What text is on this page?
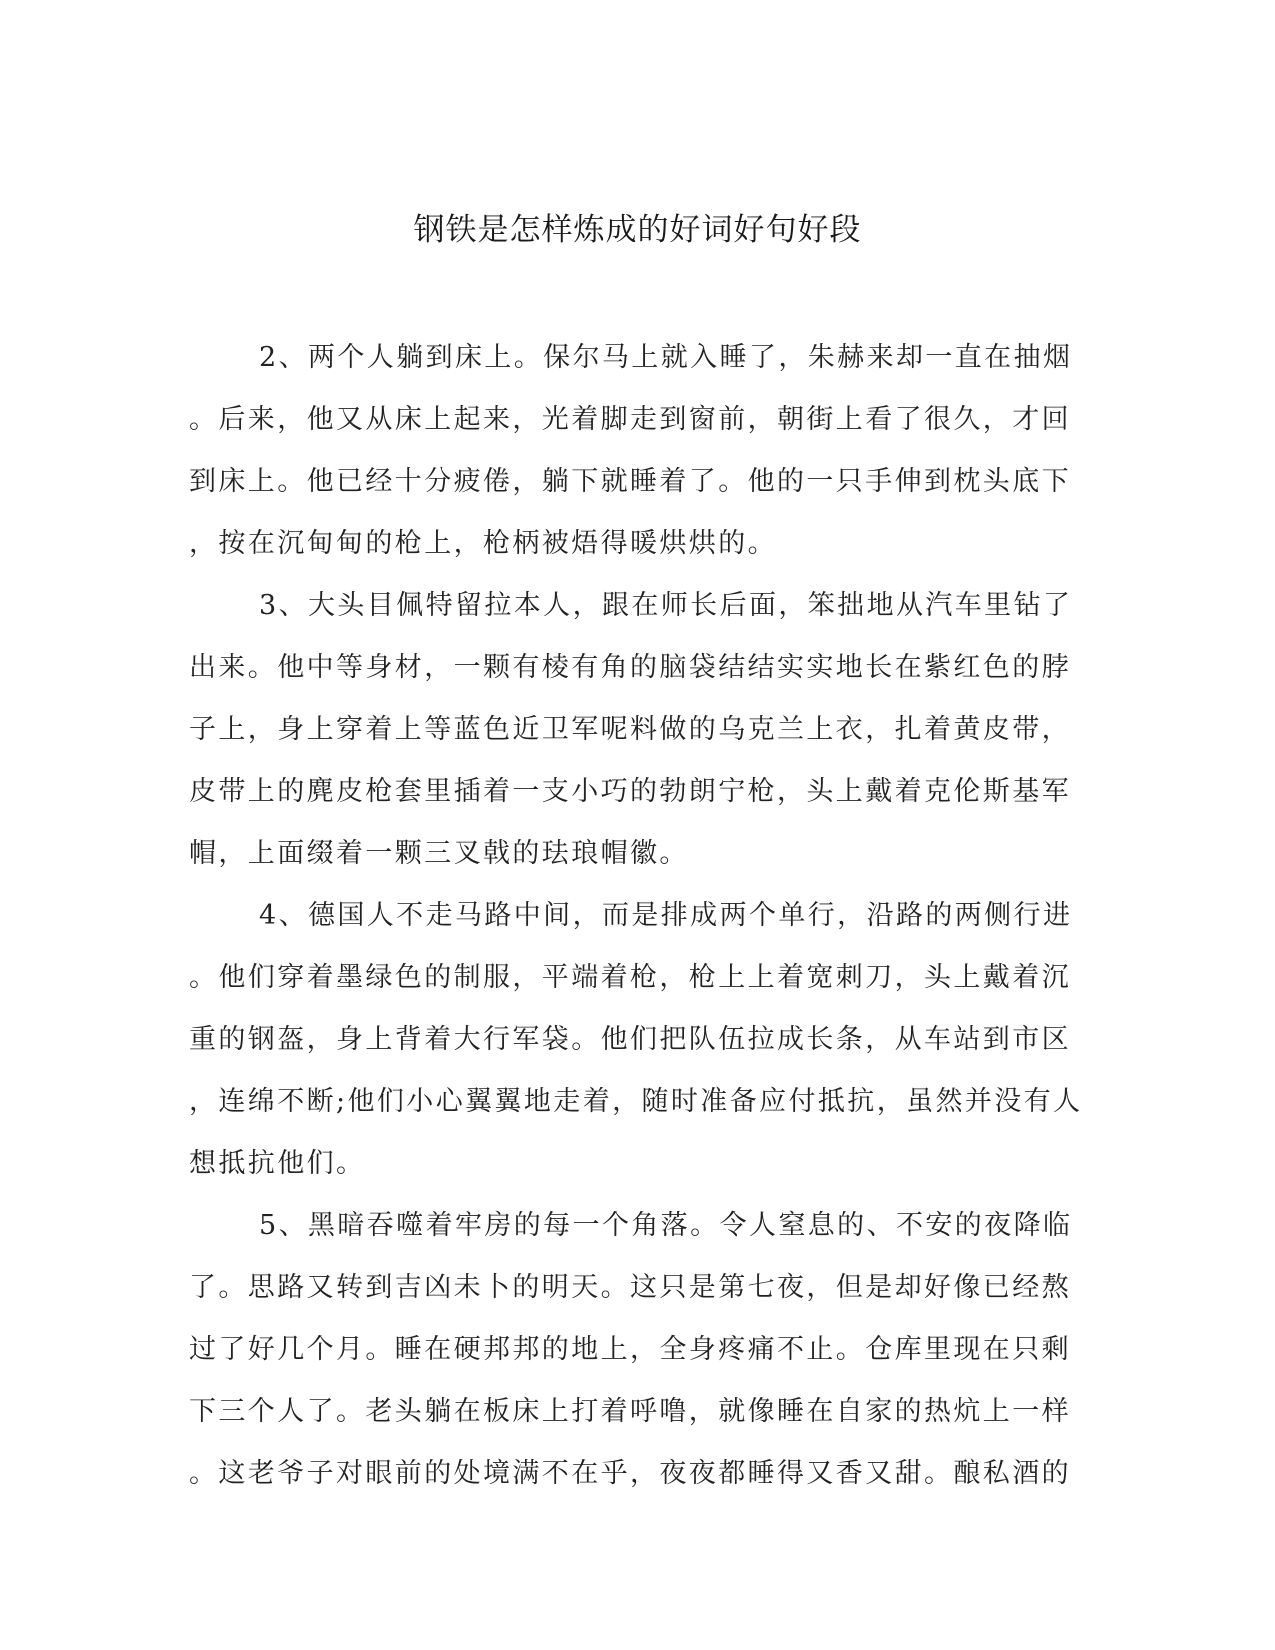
钢铁是怎样炼成的好词好句好段
2、两个人躺到床上。保尔马上就入睡了，朱赫来却一直在抽烟
。后来，他又从床上起来，光着脚走到窗前，朝街上看了很久，才回
到床上。他已经十分疲倦，躺下就睡着了。他的一只手伸到枕头底下
，按在沉甸甸的枪上，枪柄被焐得暖烘烘的。
3、大头目佩特留拉本人，跟在师长后面，笨拙地从汽车里钻了
出来。他中等身材，一颗有棱有角的脑袋结结实实地长在紫红色的脖
子上，身上穿着上等蓝色近卫军呢料做的乌克兰上衣，扎着黄皮带，
皮带上的麂皮枪套里插着一支小巧的勃朗宁枪，头上戴着克伦斯基军
帽，上面缀着一颗三叉戟的珐琅帽徽。
4、德国人不走马路中间，而是排成两个单行，沿路的两侧行进
。他们穿着墨绿色的制服，平端着枪，枪上上着宽刺刀，头上戴着沉
重的钢盔，身上背着大行军袋。他们把队伍拉成长条，从车站到市区
，连绵不断;他们小心翼翼地走着，随时准备应付抵抗，虽然并没有人
想抵抗他们。
5、黑暗吞噬着牢房的每一个角落。令人窒息的、不安的夜降临
了。思路又转到吉凶未卜的明天。这只是第七夜，但是却好像已经熬
过了好几个月。睡在硬邦邦的地上，全身疼痛不止。仓库里现在只剩
下三个人了。老头躺在板床上打着呼噜，就像睡在自家的热炕上一样
。这老爷子对眼前的处境满不在乎，夜夜都睡得又香又甜。酿私酒的
